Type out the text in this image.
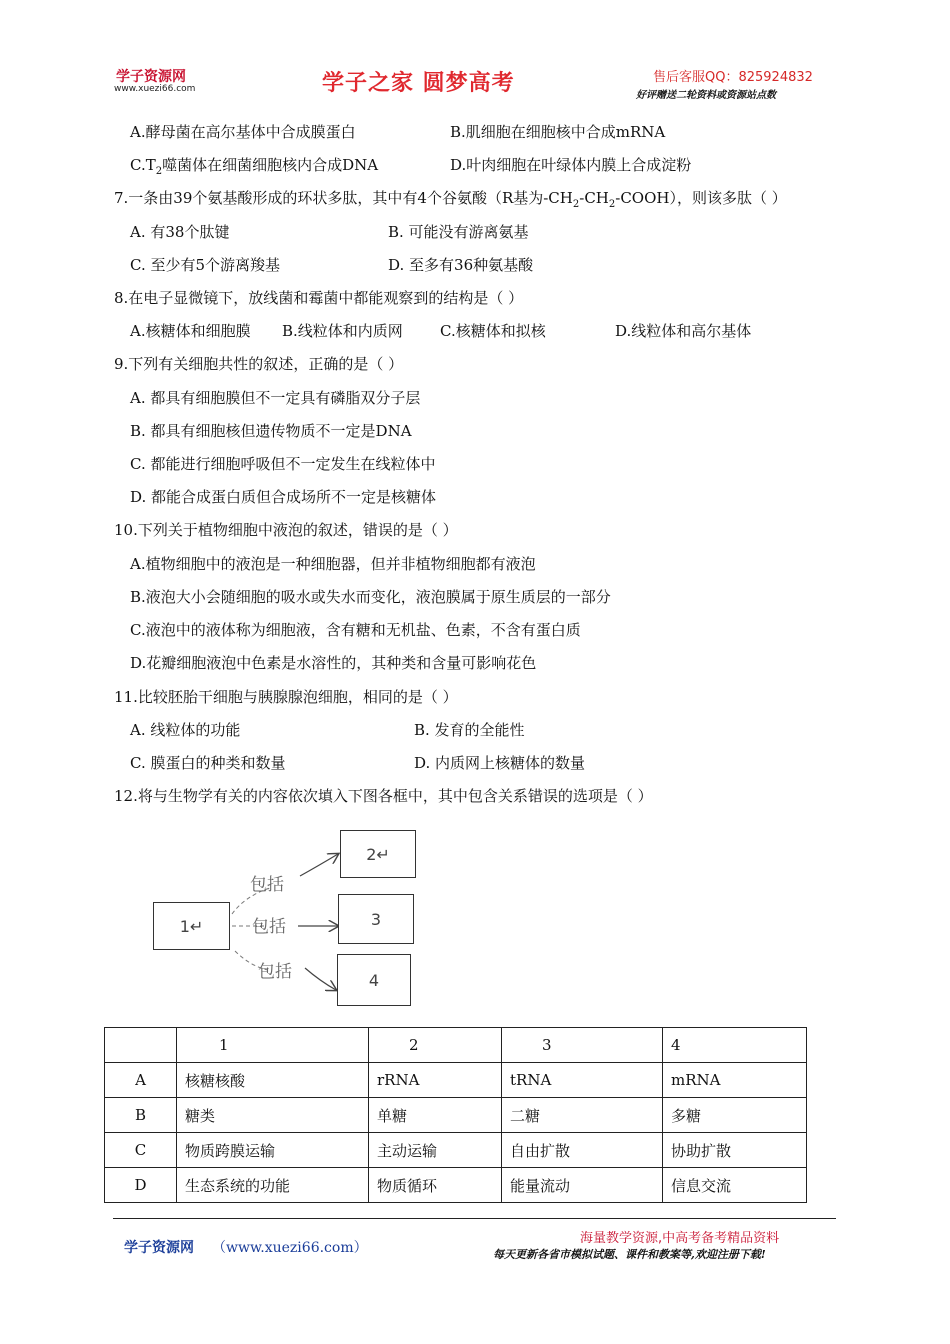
学子资源网
www.xuezi66.com	学子之家 圆梦高考	售后客服QQ：825924832
好评赠送二轮资料或资源站点数
A.酵母菌在高尔基体中合成膜蛋白	B.肌细胞在细胞核中合成mRNA
$C.T_2$噬菌体在细菌细胞核内合成DNA	D.叶肉细胞在叶绿体内膜上合成淀粉
7.一条由39个氨基酸形成的环状多肽，其中有4个谷氨酸（R基为$-CH_2-CH_2-COOH$），则该多肽（ ）
A. 有38个肽键	B. 可能没有游离氨基
C. 至少有5个游离羧基	D. 至多有36种氨基酸
8.在电子显微镜下，放线菌和霉菌中都能观察到的结构是（ ）
A.核糖体和细胞膜 B.线粒体和内质网 C.核糖体和拟核	D.线粒体和高尔基体
9.下列有关细胞共性的叙述，正确的是（ ）
A. 都具有细胞膜但不一定具有磷脂双分子层
B. 都具有细胞核但遗传物质不一定是DNA
C. 都能进行细胞呼吸但不一定发生在线粒体中
D. 都能合成蛋白质但合成场所不一定是核糖体
10.下列关于植物细胞中液泡的叙述，错误的是（ ）
A.植物细胞中的液泡是一种细胞器，但并非植物细胞都有液泡
B.液泡大小会随细胞的吸水或失水而变化，液泡膜属于原生质层的一部分
C.液泡中的液体称为细胞液，含有糖和无机盐、色素，不含有蛋白质
D.花瓣细胞液泡中色素是水溶性的，其种类和含量可影响花色
11.比较胚胎干细胞与胰腺腺泡细胞，相同的是（ ）
A. 线粒体的功能	B. 发育的全能性
C. 膜蛋白的种类和数量	D. 内质网上核糖体的数量
12.将与生物学有关的内容依次填入下图各框中，其中包含关系错误的选项是（ ）
1↵
2↵
3
4
包括
包括
包括
	1	2	3	4
A	核糖核酸	rRNA	tRNA	mRNA
B	糖类	单糖	二糖	多糖
C	物质跨膜运输	主动运输	自由扩散	协助扩散
D	生态系统的功能	物质循环	能量流动	信息交流
学子资源网 （www.xuezi66.com）
海量教学资源,中高考备考精品资料
每天更新各省市模拟试题、课件和教案等,欢迎注册下载!
